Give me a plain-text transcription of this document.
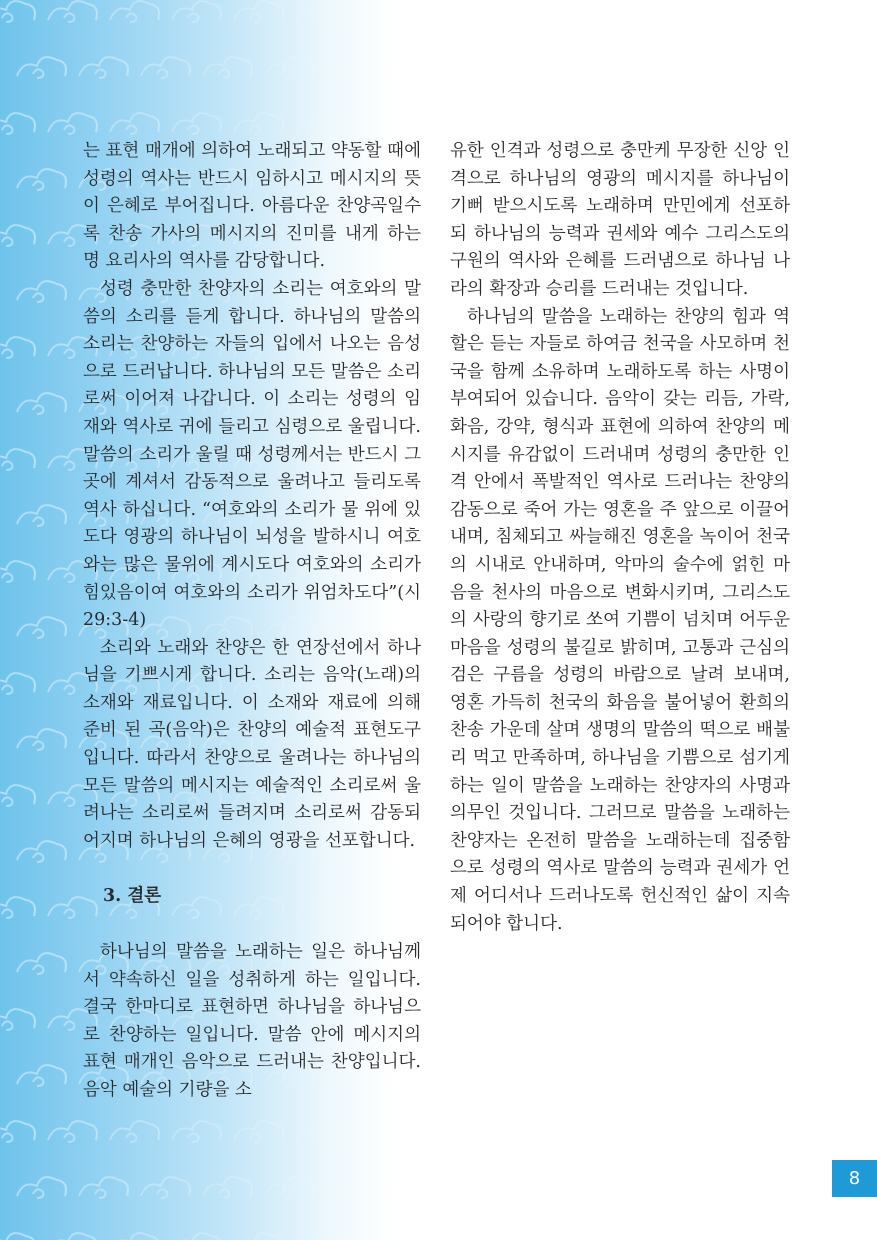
는 표현 매개에 의하여 노래되고 약동할 때에 성령의 역사는 반드시 임하시고 메시지의 뜻이 은혜로 부어집니다. 아름다운 찬양곡일수록 찬송 가사의 메시지의 진미를 내게 하는 명 요리사의 역사를 감당합니다.

성령 충만한 찬양자의 소리는 여호와의 말씀의 소리를 듣게 합니다. 하나님의 말씀의 소리는 찬양하는 자들의 입에서 나오는 음성으로 드러납니다. 하나님의 모든 말씀은 소리로써 이어져 나갑니다. 이 소리는 성령의 임재와 역사로 귀에 들리고 심령으로 울립니다. 말씀의 소리가 울릴 때 성령께서는 반드시 그곳에 계셔서 감동적으로 울려나고 들리도록 역사 하십니다. “여호와의 소리가 물 위에 있도다 영광의 하나님이 뇌성을 발하시니 여호와는 많은 물위에 계시도다 여호와의 소리가 힘있음이여 여호와의 소리가 위엄차도다”(시 29:3-4)

소리와 노래와 찬양은 한 연장선에서 하나님을 기쁘시게 합니다. 소리는 음악(노래)의 소재와 재료입니다. 이 소재와 재료에 의해 준비 된 곡(음악)은 찬양의 예술적 표현도구입니다. 따라서 찬양으로 울려나는 하나님의 모든 말씀의 메시지는 예술적인 소리로써 울려나는 소리로써 들려지며 소리로써 감동되어지며 하나님의 은혜의 영광을 선포합니다.

3. 결론

하나님의 말씀을 노래하는 일은 하나님께서 약속하신 일을 성취하게 하는 일입니다. 결국 한마디로 표현하면 하나님을 하나님으로 찬양하는 일입니다. 말씀 안에 메시지의 표현 매개인 음악으로 드러내는 찬양입니다. 음악 예술의 기량을 소

유한 인격과 성령으로 충만케 무장한 신앙 인격으로 하나님의 영광의 메시지를 하나님이 기뻐 받으시도록 노래하며 만민에게 선포하되 하나님의 능력과 권세와 예수 그리스도의 구원의 역사와 은혜를 드러냄으로 하나님 나라의 확장과 승리를 드러내는 것입니다.

하나님의 말씀을 노래하는 찬양의 힘과 역할은 듣는 자들로 하여금 천국을 사모하며 천국을 함께 소유하며 노래하도록 하는 사명이 부여되어 있습니다. 음악이 갖는 리듬, 가락, 화음, 강약, 형식과 표현에 의하여 찬양의 메시지를 유감없이 드러내며 성령의 충만한 인격 안에서 폭발적인 역사로 드러나는 찬양의 감동으로 죽어 가는 영혼을 주 앞으로 이끌어내며, 침체되고 싸늘해진 영혼을 녹이어 천국의 시내로 안내하며, 악마의 술수에 얽힌 마음을 천사의 마음으로 변화시키며, 그리스도의 사랑의 향기로 쏘여 기쁨이 넘치며 어두운 마음을 성령의 불길로 밝히며, 고통과 근심의 검은 구름을 성령의 바람으로 날려 보내며, 영혼 가득히 천국의 화음을 불어넣어 환희의 찬송 가운데 살며 생명의 말씀의 떡으로 배불리 먹고 만족하며, 하나님을 기쁨으로 섬기게 하는 일이 말씀을 노래하는 찬양자의 사명과 의무인 것입니다. 그러므로 말씀을 노래하는 찬양자는 온전히 말씀을 노래하는데 집중함으로 성령의 역사로 말씀의 능력과 권세가 언제 어디서나 드러나도록 헌신적인 삶이 지속되어야 합니다.

8
